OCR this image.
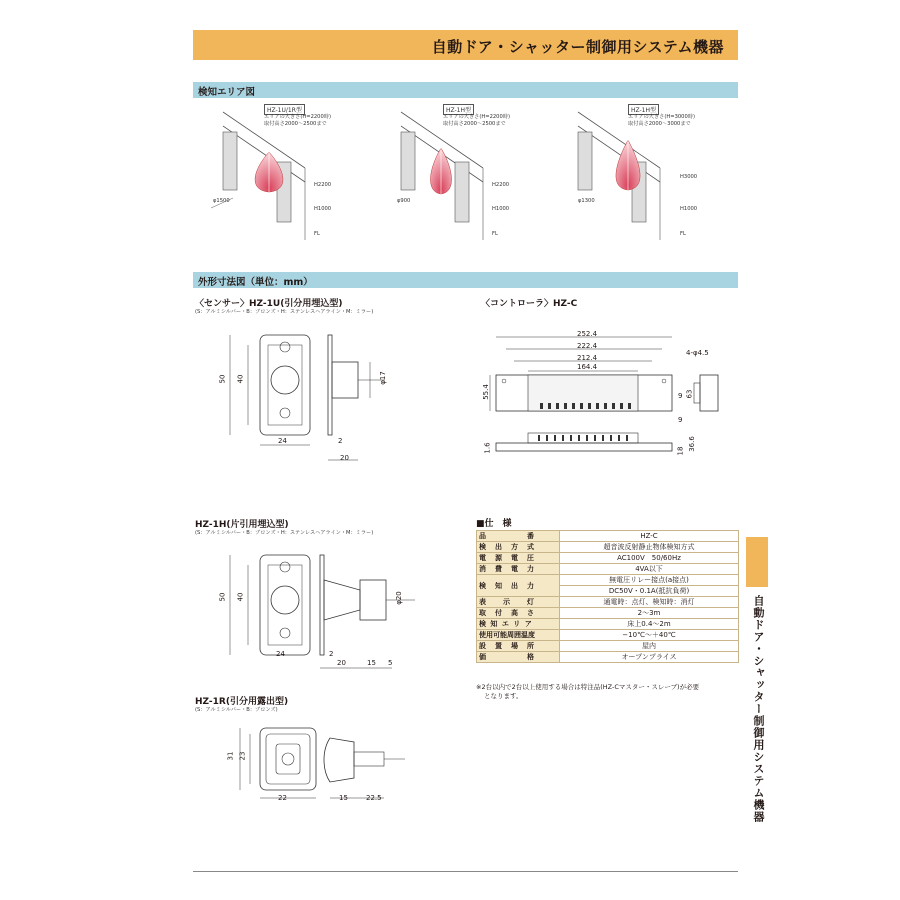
自動ドア・シャッター制御用システム機器
検知エリア図
HZ-1U/1R型
エリアの大きさ(H=2200時)
取付高さ2000〜2500まで
H2200
H1000
FL
φ1500
HZ-1H型
エリアの大きさ(H=2200時)
取付高さ2000〜2500まで
H2200
H1000
FL
φ900
HZ-1H型
エリアの大きさ(H=3000時)
取付高さ2000〜3000まで
H3000
H1000
FL
φ1300
外形寸法図（単位：mm）
〈センサー〉HZ-1U(引分用埋込型)
(S：アルミシルバー・B：ブロンズ・H：ステンレスヘアライン・M：ミラー)
50 40
24	2
20
φ17
〈コントローラ〉HZ-C
252.4
222.4
212.4
164.4
4-φ4.5
55.4	63
9
9
1.6	18 36.6
HZ-1H(片引用埋込型)
(S：アルミシルバー・B：ブロンズ・H：ステンレスヘアライン・M：ミラー)
50 40
24	2
20	15 5
φ20
HZ-1R(引分用露出型)
(S：アルミシルバー・B：ブロンズ)
31 23
22	15	22.5
■仕　様
品　　　　　番	HZ-C
検　出　方　式	超音波反射静止物体検知方式
電　源　電　圧	AC100V　50/60Hz
消　費　電　力	4VA以下
検　知　出　力	無電圧リレー接点(a接点)
	DC50V・0.1A(抵抗負荷)
表　　示　　灯	通電時：点灯、検知時：消灯
取　付　高　さ	2〜3m
検 知 エ リ ア	床上0.4〜2m
使用可能周囲温度	−10℃〜＋40℃
設　置　場　所	屋内
価　　　　　格	オープンプライス
※2台以内で2台以上使用する場合は特注品(HZ-Cマスター・スレーブ)が必要
となります。	自動ドア・シャッター制御用システム機器
